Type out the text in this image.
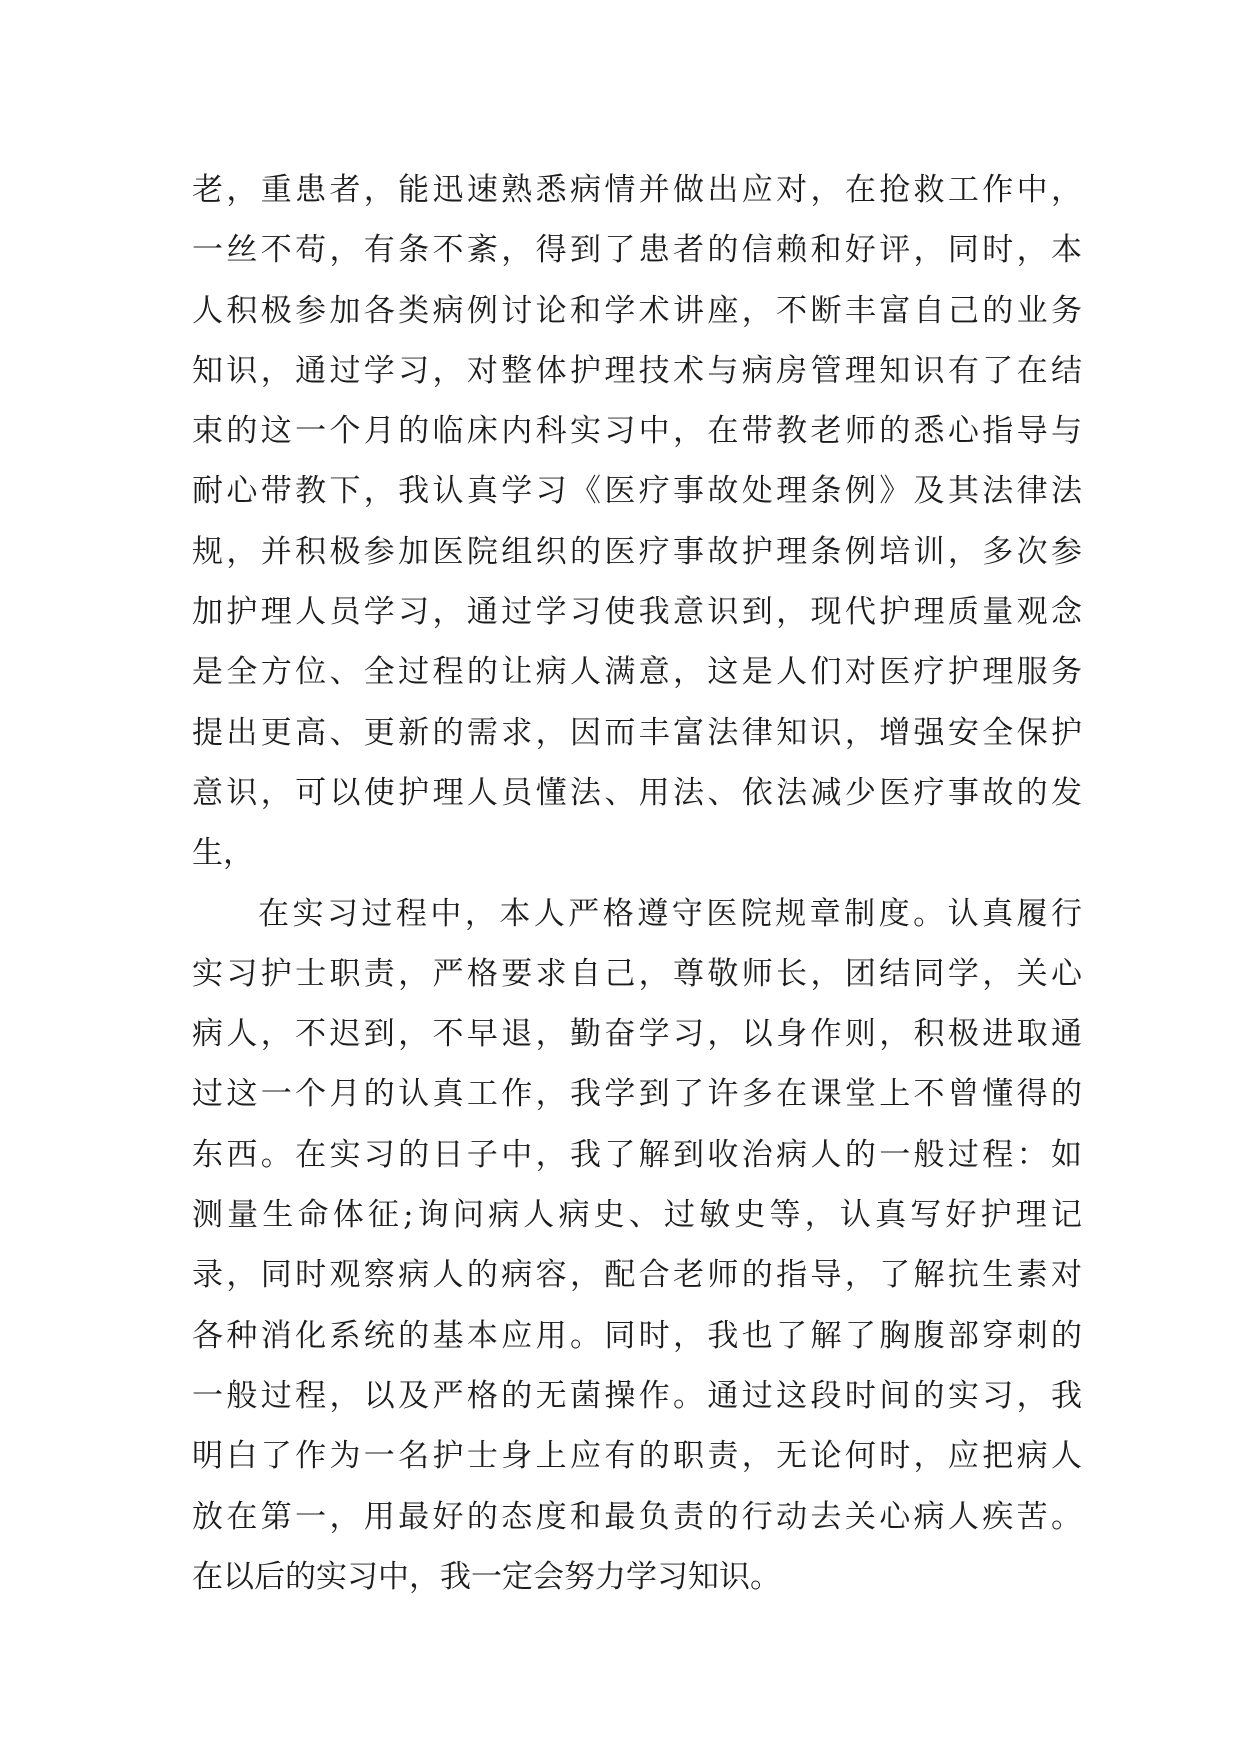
老，重患者，能迅速熟悉病情并做出应对，在抢救工作中，
一丝不苟，有条不紊，得到了患者的信赖和好评，同时，本
人积极参加各类病例讨论和学术讲座，不断丰富自己的业务
知识，通过学习，对整体护理技术与病房管理知识有了在结
束的这一个月的临床内科实习中，在带教老师的悉心指导与
耐心带教下，我认真学习《医疗事故处理条例》及其法律法
规，并积极参加医院组织的医疗事故护理条例培训，多次参
加护理人员学习，通过学习使我意识到，现代护理质量观念
是全方位、全过程的让病人满意，这是人们对医疗护理服务
提出更高、更新的需求，因而丰富法律知识，增强安全保护
意识，可以使护理人员懂法、用法、依法减少医疗事故的发
生，
在实习过程中，本人严格遵守医院规章制度。认真履行
实习护士职责，严格要求自己，尊敬师长，团结同学，关心
病人，不迟到，不早退，勤奋学习，以身作则，积极进取通
过这一个月的认真工作，我学到了许多在课堂上不曾懂得的
东西。在实习的日子中，我了解到收治病人的一般过程：如
测量生命体征;询问病人病史、过敏史等，认真写好护理记
录，同时观察病人的病容，配合老师的指导，了解抗生素对
各种消化系统的基本应用。同时，我也了解了胸腹部穿刺的
一般过程，以及严格的无菌操作。通过这段时间的实习，我
明白了作为一名护士身上应有的职责，无论何时，应把病人
放在第一，用最好的态度和最负责的行动去关心病人疾苦。
在以后的实习中，我一定会努力学习知识。
